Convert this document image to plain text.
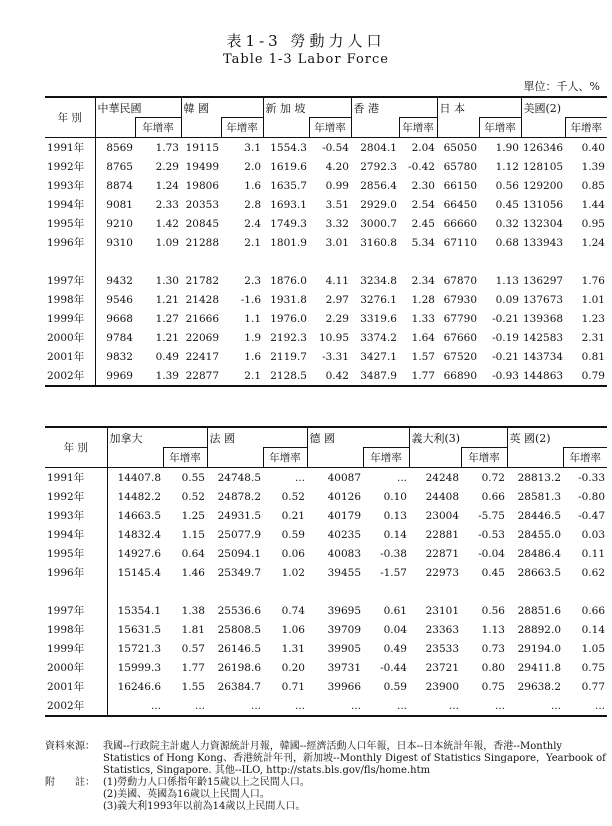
表1-3 勞動力人口
Table 1-3 Labor Force
單位：千人、%
年 別	中華民國		韓 國		新 加 坡		香 港		日 本		美國(2)	
		年增率		年增率		年增率		年增率		年增率		年增率
1991年	8569	1.73	19115	3.1	1554.3	-0.54	2804.1	2.04	65050	1.90	126346	0.40
1992年	8765	2.29	19499	2.0	1619.6	4.20	2792.3	-0.42	65780	1.12	128105	1.39
1993年	8874	1.24	19806	1.6	1635.7	0.99	2856.4	2.30	66150	0.56	129200	0.85
1994年	9081	2.33	20353	2.8	1693.1	3.51	2929.0	2.54	66450	0.45	131056	1.44
1995年	9210	1.42	20845	2.4	1749.3	3.32	3000.7	2.45	66660	0.32	132304	0.95
1996年	9310	1.09	21288	2.1	1801.9	3.01	3160.8	5.34	67110	0.68	133943	1.24

1997年	9432	1.30	21782	2.3	1876.0	4.11	3234.8	2.34	67870	1.13	136297	1.76
1998年	9546	1.21	21428	-1.6	1931.8	2.97	3276.1	1.28	67930	0.09	137673	1.01
1999年	9668	1.27	21666	1.1	1976.0	2.29	3319.6	1.33	67790	-0.21	139368	1.23
2000年	9784	1.21	22069	1.9	2192.3	10.95	3374.2	1.64	67660	-0.19	142583	2.31
2001年	9832	0.49	22417	1.6	2119.7	-3.31	3427.1	1.57	67520	-0.21	143734	0.81
2002年	9969	1.39	22877	2.1	2128.5	0.42	3487.9	1.77	66890	-0.93	144863	0.79
年 別	加拿大		法 國		德 國		義大利(3)		英 國(2)	
		年增率		年增率		年增率		年增率		年增率
1991年	14407.8	0.55	24748.5	...	40087	...	24248	0.72	28813.2	-0.33
1992年	14482.2	0.52	24878.2	0.52	40126	0.10	24408	0.66	28581.3	-0.80
1993年	14663.5	1.25	24931.5	0.21	40179	0.13	23004	-5.75	28446.5	-0.47
1994年	14832.4	1.15	25077.9	0.59	40235	0.14	22881	-0.53	28455.0	0.03
1995年	14927.6	0.64	25094.1	0.06	40083	-0.38	22871	-0.04	28486.4	0.11
1996年	15145.4	1.46	25349.7	1.02	39455	-1.57	22973	0.45	28663.5	0.62

1997年	15354.1	1.38	25536.6	0.74	39695	0.61	23101	0.56	28851.6	0.66
1998年	15631.5	1.81	25808.5	1.06	39709	0.04	23363	1.13	28892.0	0.14
1999年	15721.3	0.57	26146.5	1.31	39905	0.49	23533	0.73	29194.0	1.05
2000年	15999.3	1.77	26198.6	0.20	39731	-0.44	23721	0.80	29411.8	0.75
2001年	16246.6	1.55	26384.7	0.71	39966	0.59	23900	0.75	29638.2	0.77
2002年	...	...	...	...	...	...	...	...	...	...
資料來源： 我國--行政院主計處人力資源統計月報，韓國--經濟活動人口年報，日本--日本統計年報，香港--Monthly Statistics of Hong Kong、香港統計年刊，新加坡--Monthly Digest of Statistics Singapore，Yearbook of Statistics, Singapore. 其他--ILO, http://stats.bls.gov/fls/home.htm
附　　註： (1)勞動力人口係指年齡15歲以上之民間人口。
(2)美國、英國為16歲以上民間人口。
(3)義大利1993年以前為14歲以上民間人口。
